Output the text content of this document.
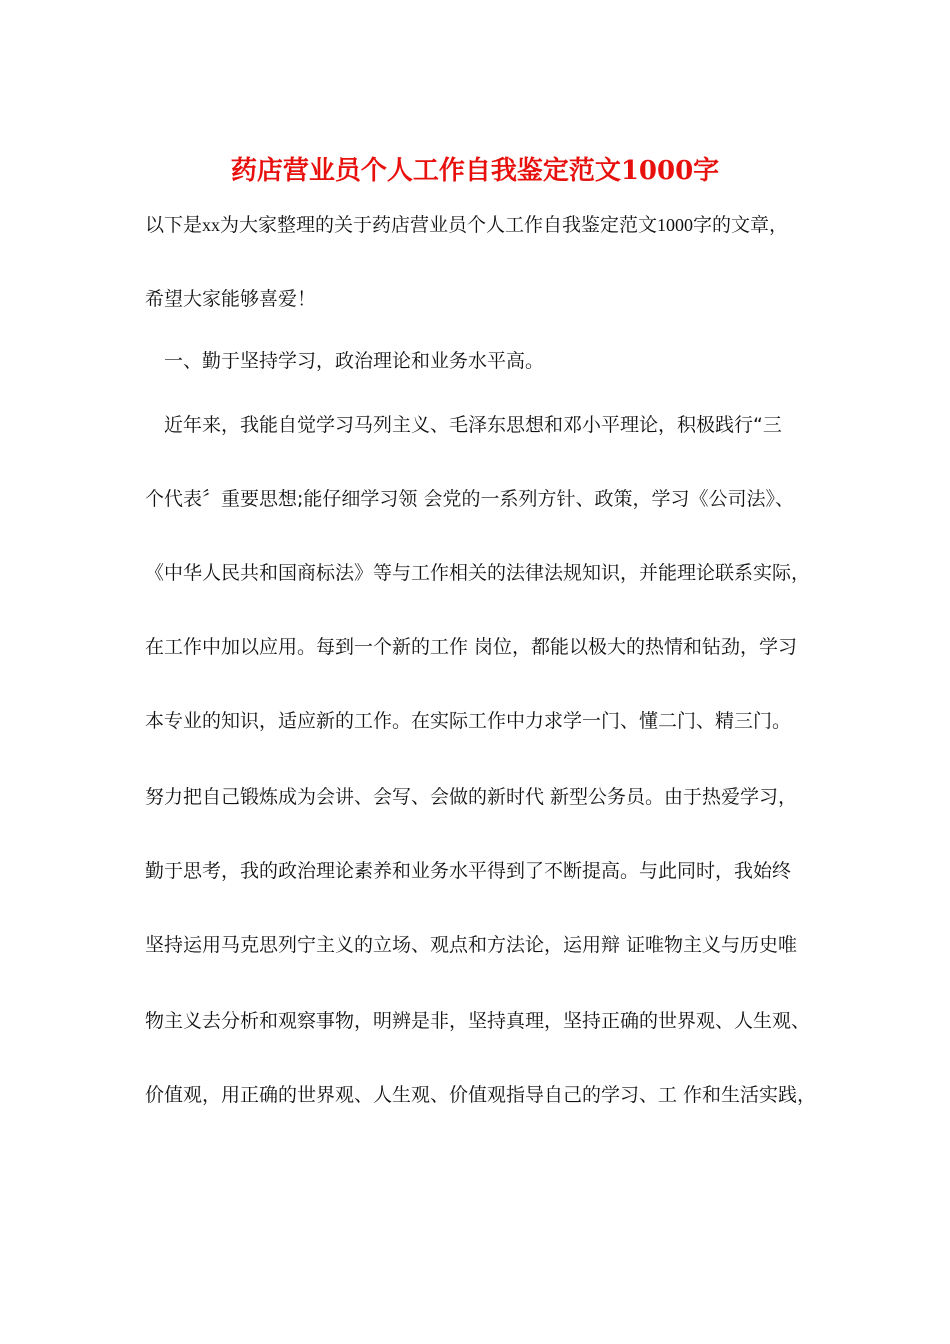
药店营业员个人工作自我鉴定范文1000字
以下是xx为大家整理的关于药店营业员个人工作自我鉴定范文1000字的文章，
希望大家能够喜爱！
　一、勤于坚持学习，政治理论和业务水平高。
　近年来，我能自觉学习马列主义、毛泽东思想和邓小平理论，积极践行“三
个代表〞重要思想;能仔细学习领 会党的一系列方针、政策，学习《公司法》、
《中华人民共和国商标法》等与工作相关的法律法规知识，并能理论联系实际，
在工作中加以应用。每到一个新的工作 岗位，都能以极大的热情和钻劲，学习
本专业的知识，适应新的工作。在实际工作中力求学一门、懂二门、精三门。
努力把自己锻炼成为会讲、会写、会做的新时代 新型公务员。由于热爱学习，
勤于思考，我的政治理论素养和业务水平得到了不断提高。与此同时，我始终
坚持运用马克思列宁主义的立场、观点和方法论，运用辩 证唯物主义与历史唯
物主义去分析和观察事物，明辨是非，坚持真理，坚持正确的世界观、人生观、
价值观，用正确的世界观、人生观、价值观指导自己的学习、工 作和生活实践，
